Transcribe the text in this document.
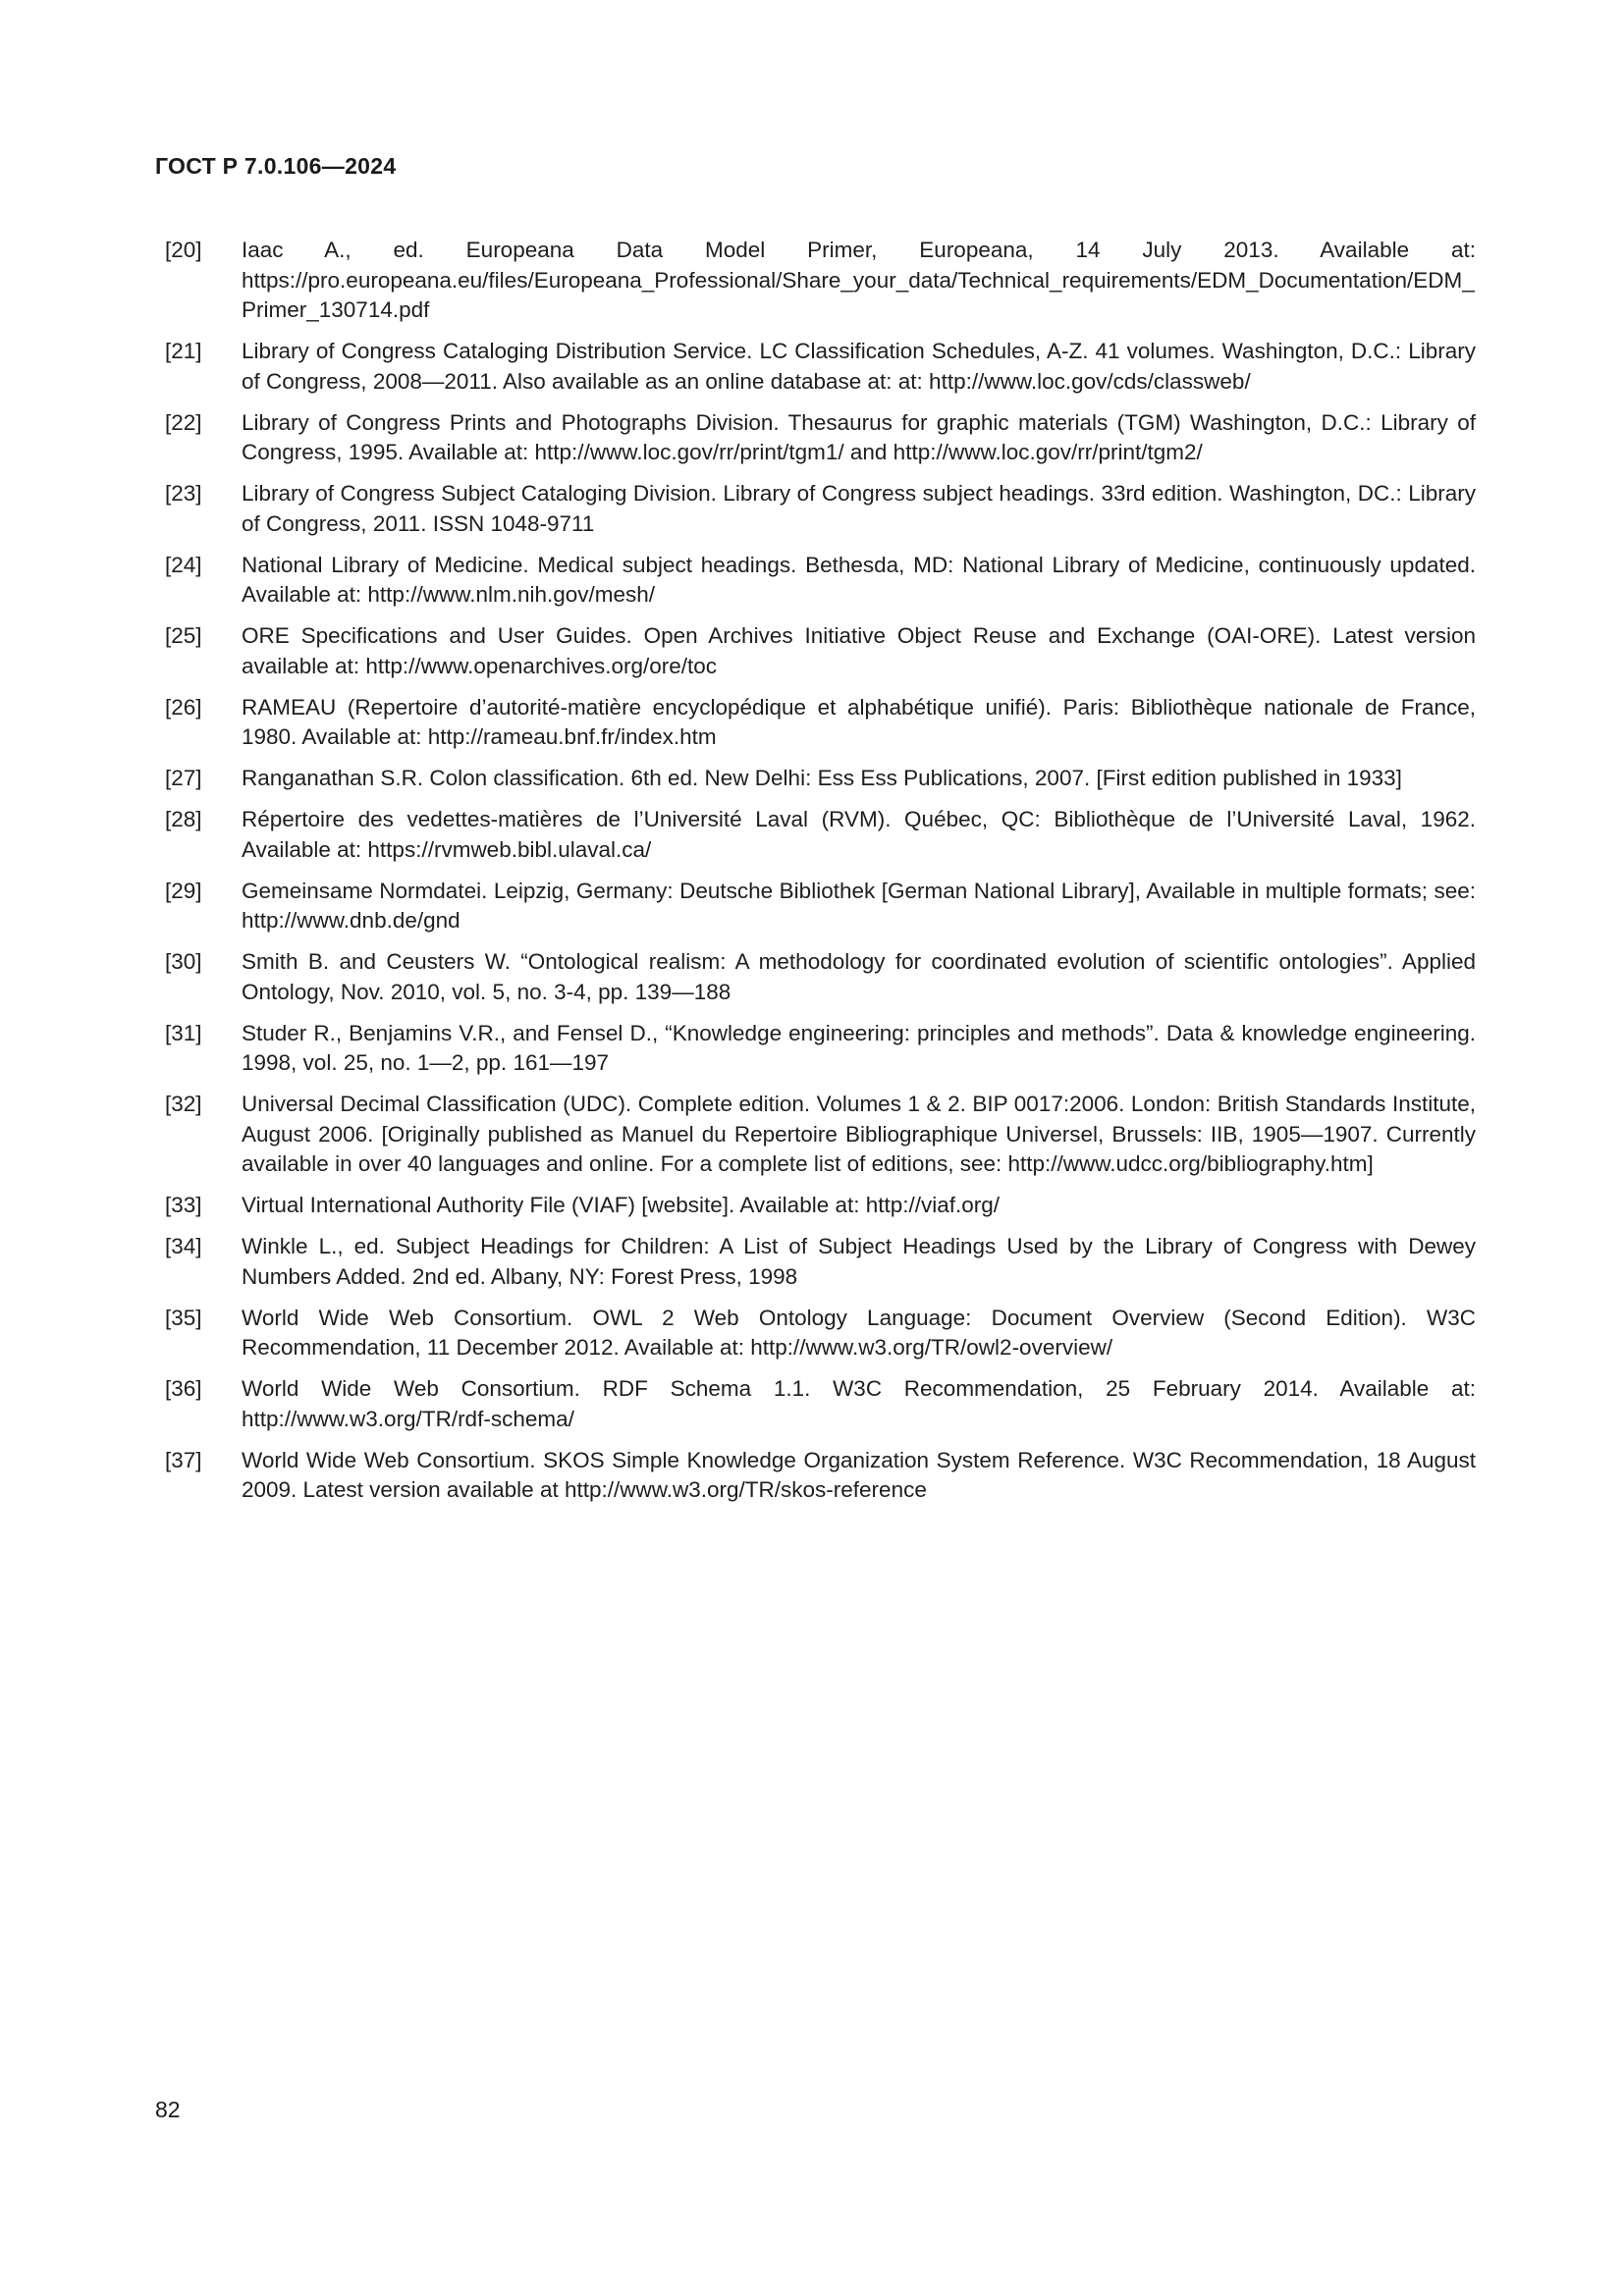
ГОСТ Р 7.0.106—2024
[20]	Iaac A., ed. Europeana Data Model Primer, Europeana, 14 July 2013. Available at: https://pro.europeana.eu/files/Europeana_Professional/Share_your_data/Technical_requirements/EDM_Documentation/EDM_Primer_130714.pdf
[21]	Library of Congress Cataloging Distribution Service. LC Classification Schedules, A-Z. 41 volumes. Washington, D.C.: Library of Congress, 2008—2011. Also available as an online database at: at: http://www.loc.gov/cds/classweb/
[22]	Library of Congress Prints and Photographs Division. Thesaurus for graphic materials (TGM) Washington, D.C.: Library of Congress, 1995. Available at: http://www.loc.gov/rr/print/tgm1/ and http://www.loc.gov/rr/print/tgm2/
[23]	Library of Congress Subject Cataloging Division. Library of Congress subject headings. 33rd edition. Washington, DC.: Library of Congress, 2011. ISSN 1048-9711
[24]	National Library of Medicine. Medical subject headings. Bethesda, MD: National Library of Medicine, continuously updated. Available at: http://www.nlm.nih.gov/mesh/
[25]	ORE Specifications and User Guides. Open Archives Initiative Object Reuse and Exchange (OAI-ORE). Latest version available at: http://www.openarchives.org/ore/toc
[26]	RAMEAU (Repertoire d’autorité-matière encyclopédique et alphabétique unifié). Paris: Bibliothèque nationale de France, 1980. Available at: http://rameau.bnf.fr/index.htm
[27]	Ranganathan S.R. Colon classification. 6th ed. New Delhi: Ess Ess Publications, 2007. [First edition published in 1933]
[28]	Répertoire des vedettes-matières de l’Université Laval (RVM). Québec, QC: Bibliothèque de l’Université Laval, 1962. Available at: https://rvmweb.bibl.ulaval.ca/
[29]	Gemeinsame Normdatei. Leipzig, Germany: Deutsche Bibliothek [German National Library], Available in multiple formats; see: http://www.dnb.de/gnd
[30]	Smith B. and Ceusters W. “Ontological realism: A methodology for coordinated evolution of scientific ontologies”. Applied Ontology, Nov. 2010, vol. 5, no. 3-4, pp. 139—188
[31]	Studer R., Benjamins V.R., and Fensel D., “Knowledge engineering: principles and methods”. Data & knowledge engineering. 1998, vol. 25, no. 1—2, pp. 161—197
[32]	Universal Decimal Classification (UDC). Complete edition. Volumes 1 & 2. BIP 0017:2006. London: British Standards Institute, August 2006. [Originally published as Manuel du Repertoire Bibliographique Universel, Brussels: IIB, 1905—1907. Currently available in over 40 languages and online. For a complete list of editions, see: http://www.udcc.org/bibliography.htm]
[33]	Virtual International Authority File (VIAF) [website]. Available at: http://viaf.org/
[34]	Winkle L., ed. Subject Headings for Children: A List of Subject Headings Used by the Library of Congress with Dewey Numbers Added. 2nd ed. Albany, NY: Forest Press, 1998
[35]	World Wide Web Consortium. OWL 2 Web Ontology Language: Document Overview (Second Edition). W3C Recommendation, 11 December 2012. Available at: http://www.w3.org/TR/owl2-overview/
[36]	World Wide Web Consortium. RDF Schema 1.1. W3C Recommendation, 25 February 2014. Available at: http://www.w3.org/TR/rdf-schema/
[37]	World Wide Web Consortium. SKOS Simple Knowledge Organization System Reference. W3C Recommendation, 18 August 2009. Latest version available at http://www.w3.org/TR/skos-reference
82
